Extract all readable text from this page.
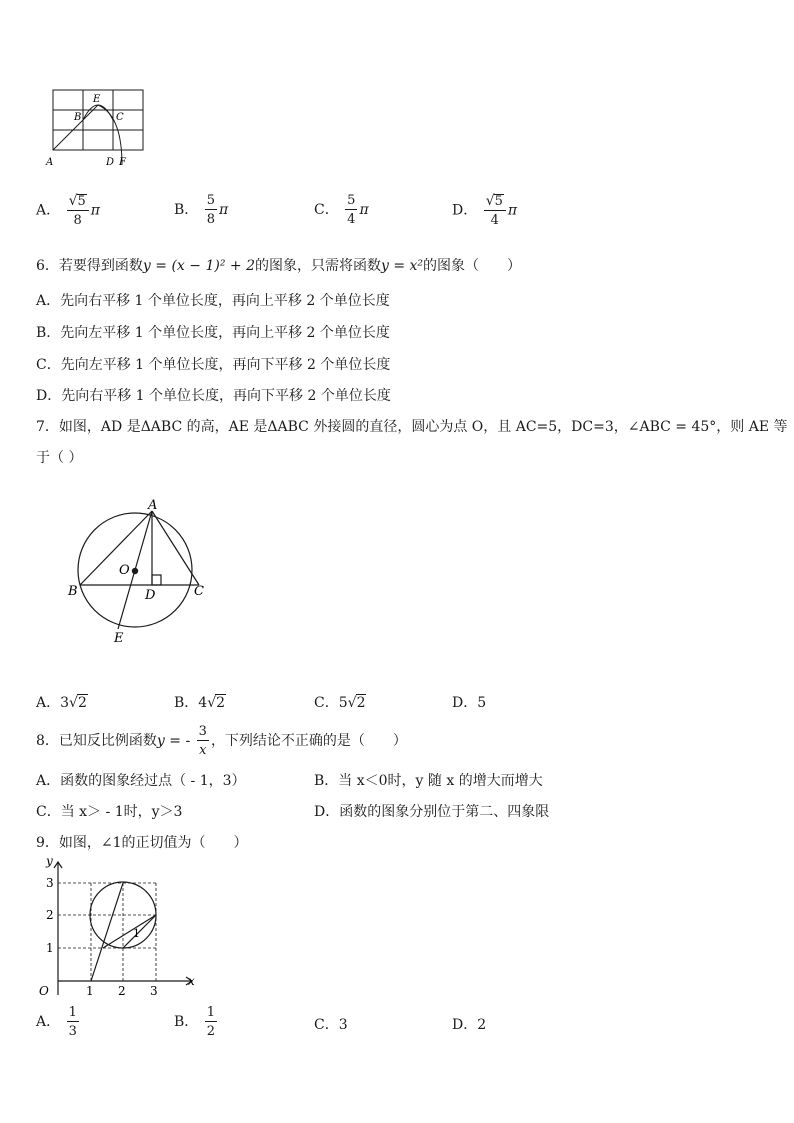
A
B
E
C
D F
A． $\frac{√5}{8}$ π	B． $\frac{5}{8}$ π	C． $\frac{5}{4}$ π	D． $\frac{√5}{4}$ π
6．若要得到函数y = (x − 1)² + 2的图象，只需将函数y = x²的图象（　　）
A．先向右平移 1 个单位长度，再向上平移 2 个单位长度
B．先向左平移 1 个单位长度，再向上平移 2 个单位长度
C．先向左平移 1 个单位长度，再向下平移 2 个单位长度
D．先向右平移 1 个单位长度，再向下平移 2 个单位长度
7．如图，AD 是ΔABC 的高，AE 是ΔABC 外接圆的直径，圆心为点 O，且 AC=5，DC=3，∠ABC = 45°，则 AE 等
于（ ）
A
B	C
D
O
E
A．3√2	B．4√2	C．5√2	D．5
8．已知反比例函数y = - $\frac{3}{x}$ ，下列结论不正确的是（　　）
A．函数的图象经过点（ - 1，3）	B．当 x＜0时，y 随 x 的增大而增大
C．当 x＞ - 1时，y＞3	D．函数的图象分别位于第二、四象限
9．如图，∠1的正切值为（　　）
y
x
O
3
2
1
1 2 3
1
A． $\frac{1}{3}$	B． $\frac{1}{2}$	C．3	D．2
